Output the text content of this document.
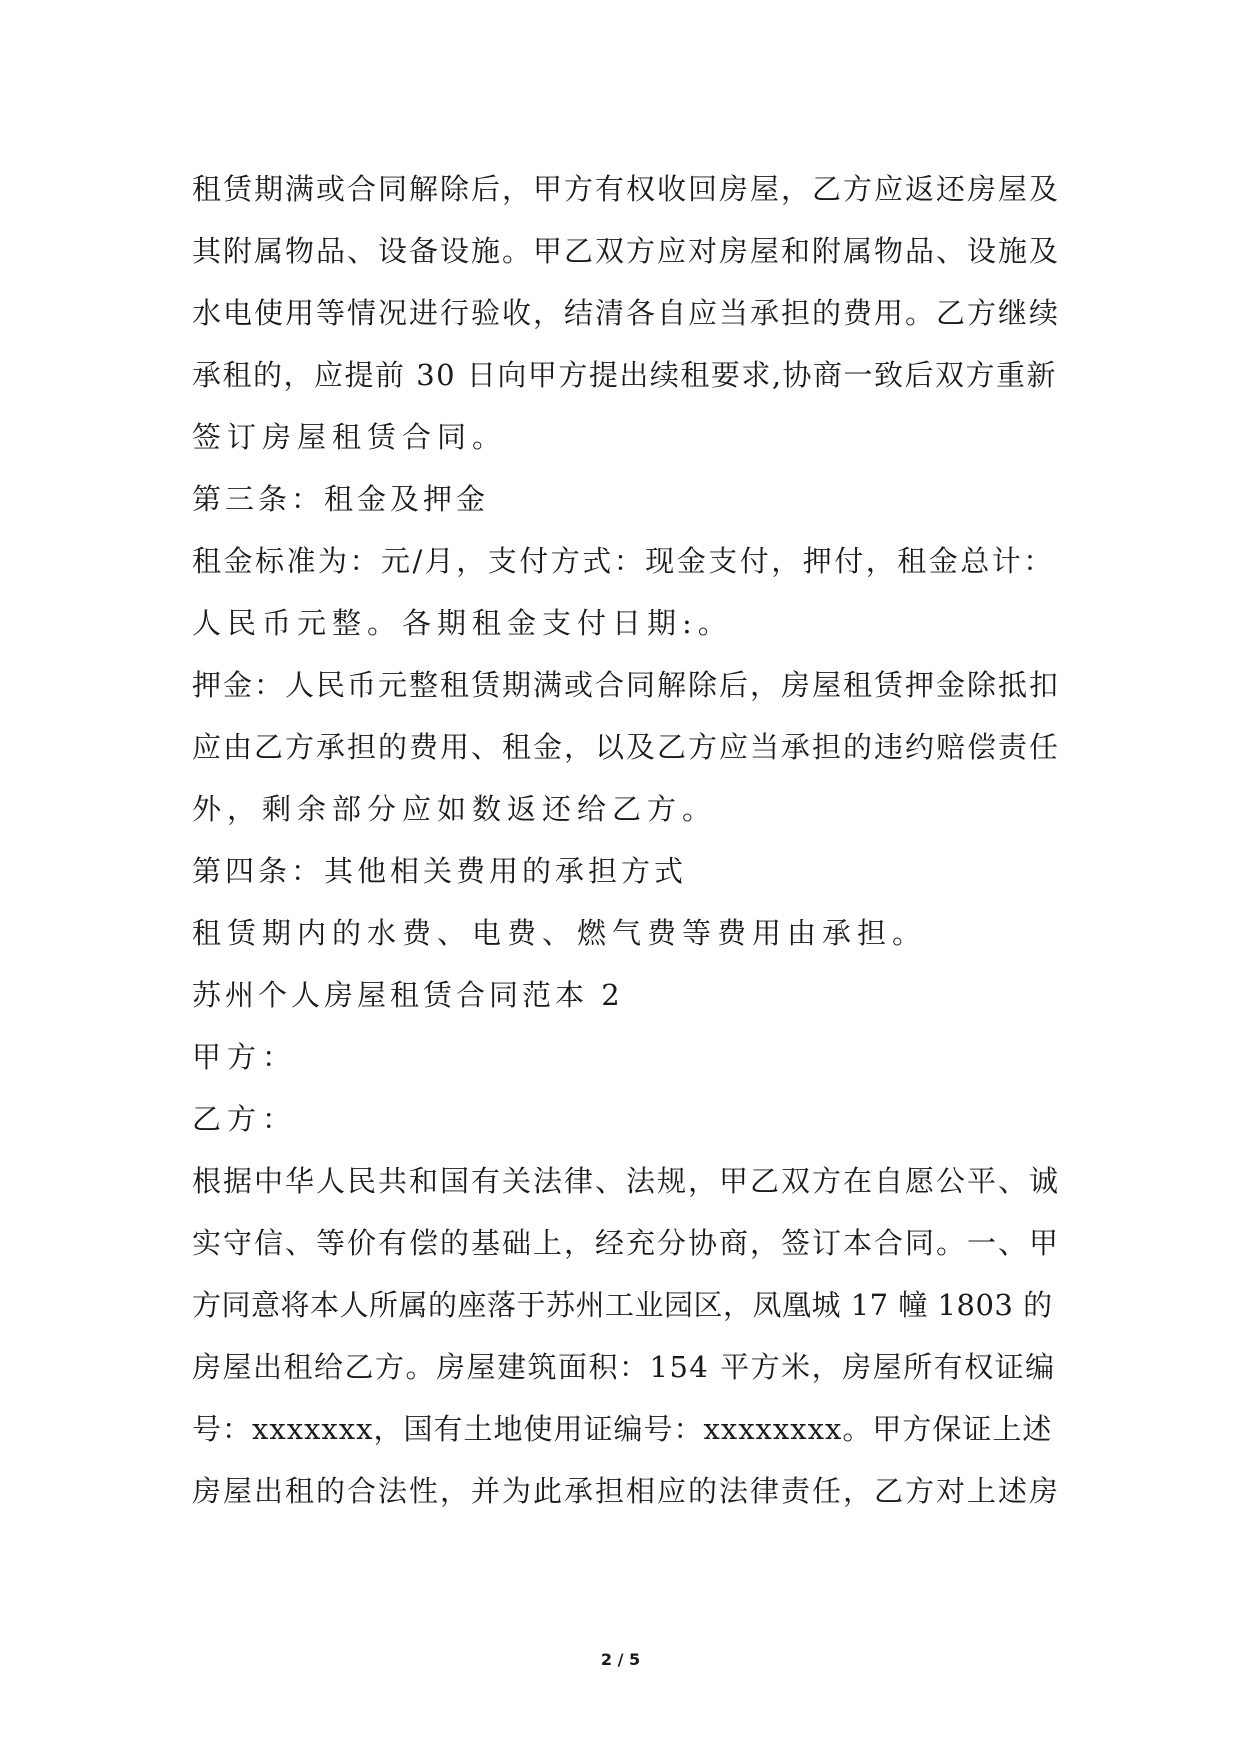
租赁期满或合同解除后，甲方有权收回房屋，乙方应返还房屋及
其附属物品、设备设施。甲乙双方应对房屋和附属物品、设施及
水电使用等情况进行验收，结清各自应当承担的费用。乙方继续
承租的，应提前 30 日向甲方提出续租要求,协商一致后双方重新
签订房屋租赁合同。
第三条：租金及押金
租金标准为：元/月，支付方式：现金支付，押付，租金总计：
人民币元整。各期租金支付日期:。
押金：人民币元整租赁期满或合同解除后，房屋租赁押金除抵扣
应由乙方承担的费用、租金，以及乙方应当承担的违约赔偿责任
外，剩余部分应如数返还给乙方。
第四条：其他相关费用的承担方式
租赁期内的水费、电费、燃气费等费用由承担。
苏州个人房屋租赁合同范本 2
甲方：
乙方：
根据中华人民共和国有关法律、法规，甲乙双方在自愿公平、诚
实守信、等价有偿的基础上，经充分协商，签订本合同。一、甲
方同意将本人所属的座落于苏州工业园区，凤凰城 17 幢 1803 的
房屋出租给乙方。房屋建筑面积：154 平方米，房屋所有权证编
号：xxxxxxx，国有土地使用证编号：xxxxxxxx。甲方保证上述
房屋出租的合法性，并为此承担相应的法律责任，乙方对上述房
2 / 5
